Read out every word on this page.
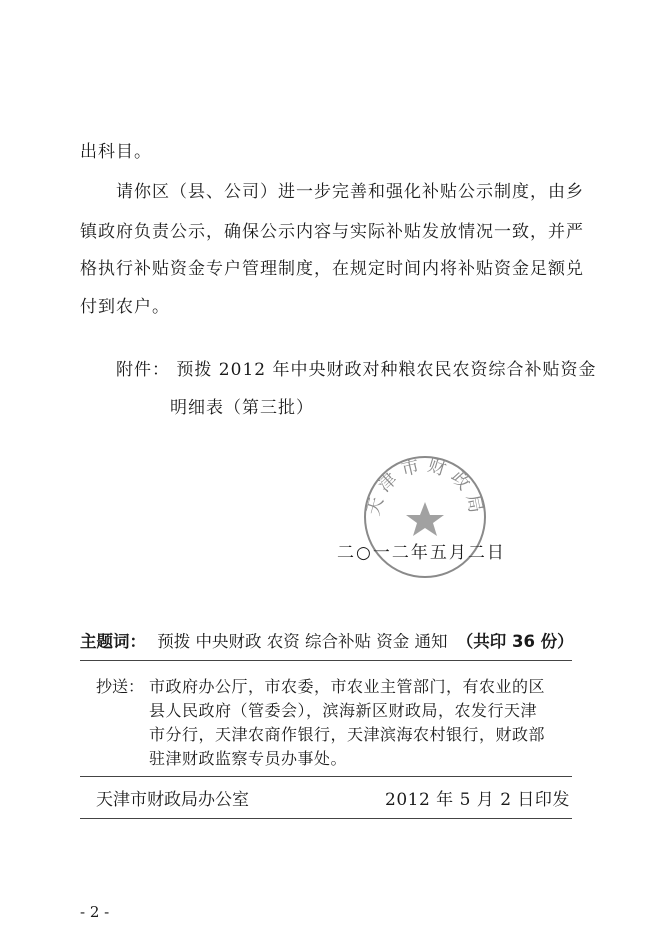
出科目。
请你区（县、公司）进一步完善和强化补贴公示制度，由乡
镇政府负责公示，确保公示内容与实际补贴发放情况一致，并严
格执行补贴资金专户管理制度，在规定时间内将补贴资金足额兑
付到农户。
附件： 预拨 2012 年中央财政对种粮农民农资综合补贴资金
明细表（第三批）
天津市财政局
二○一二年五月二日
主题词： 预拨 中央财政 农资 综合补贴 资金 通知 （共印 36 份）
抄送： 市政府办公厅，市农委，市农业主管部门，有农业的区
县人民政府（管委会），滨海新区财政局，农发行天津
市分行，天津农商作银行，天津滨海农村银行，财政部
驻津财政监察专员办事处。
天津市财政局办公室	2012 年 5 月 2 日印发
- 2 -
